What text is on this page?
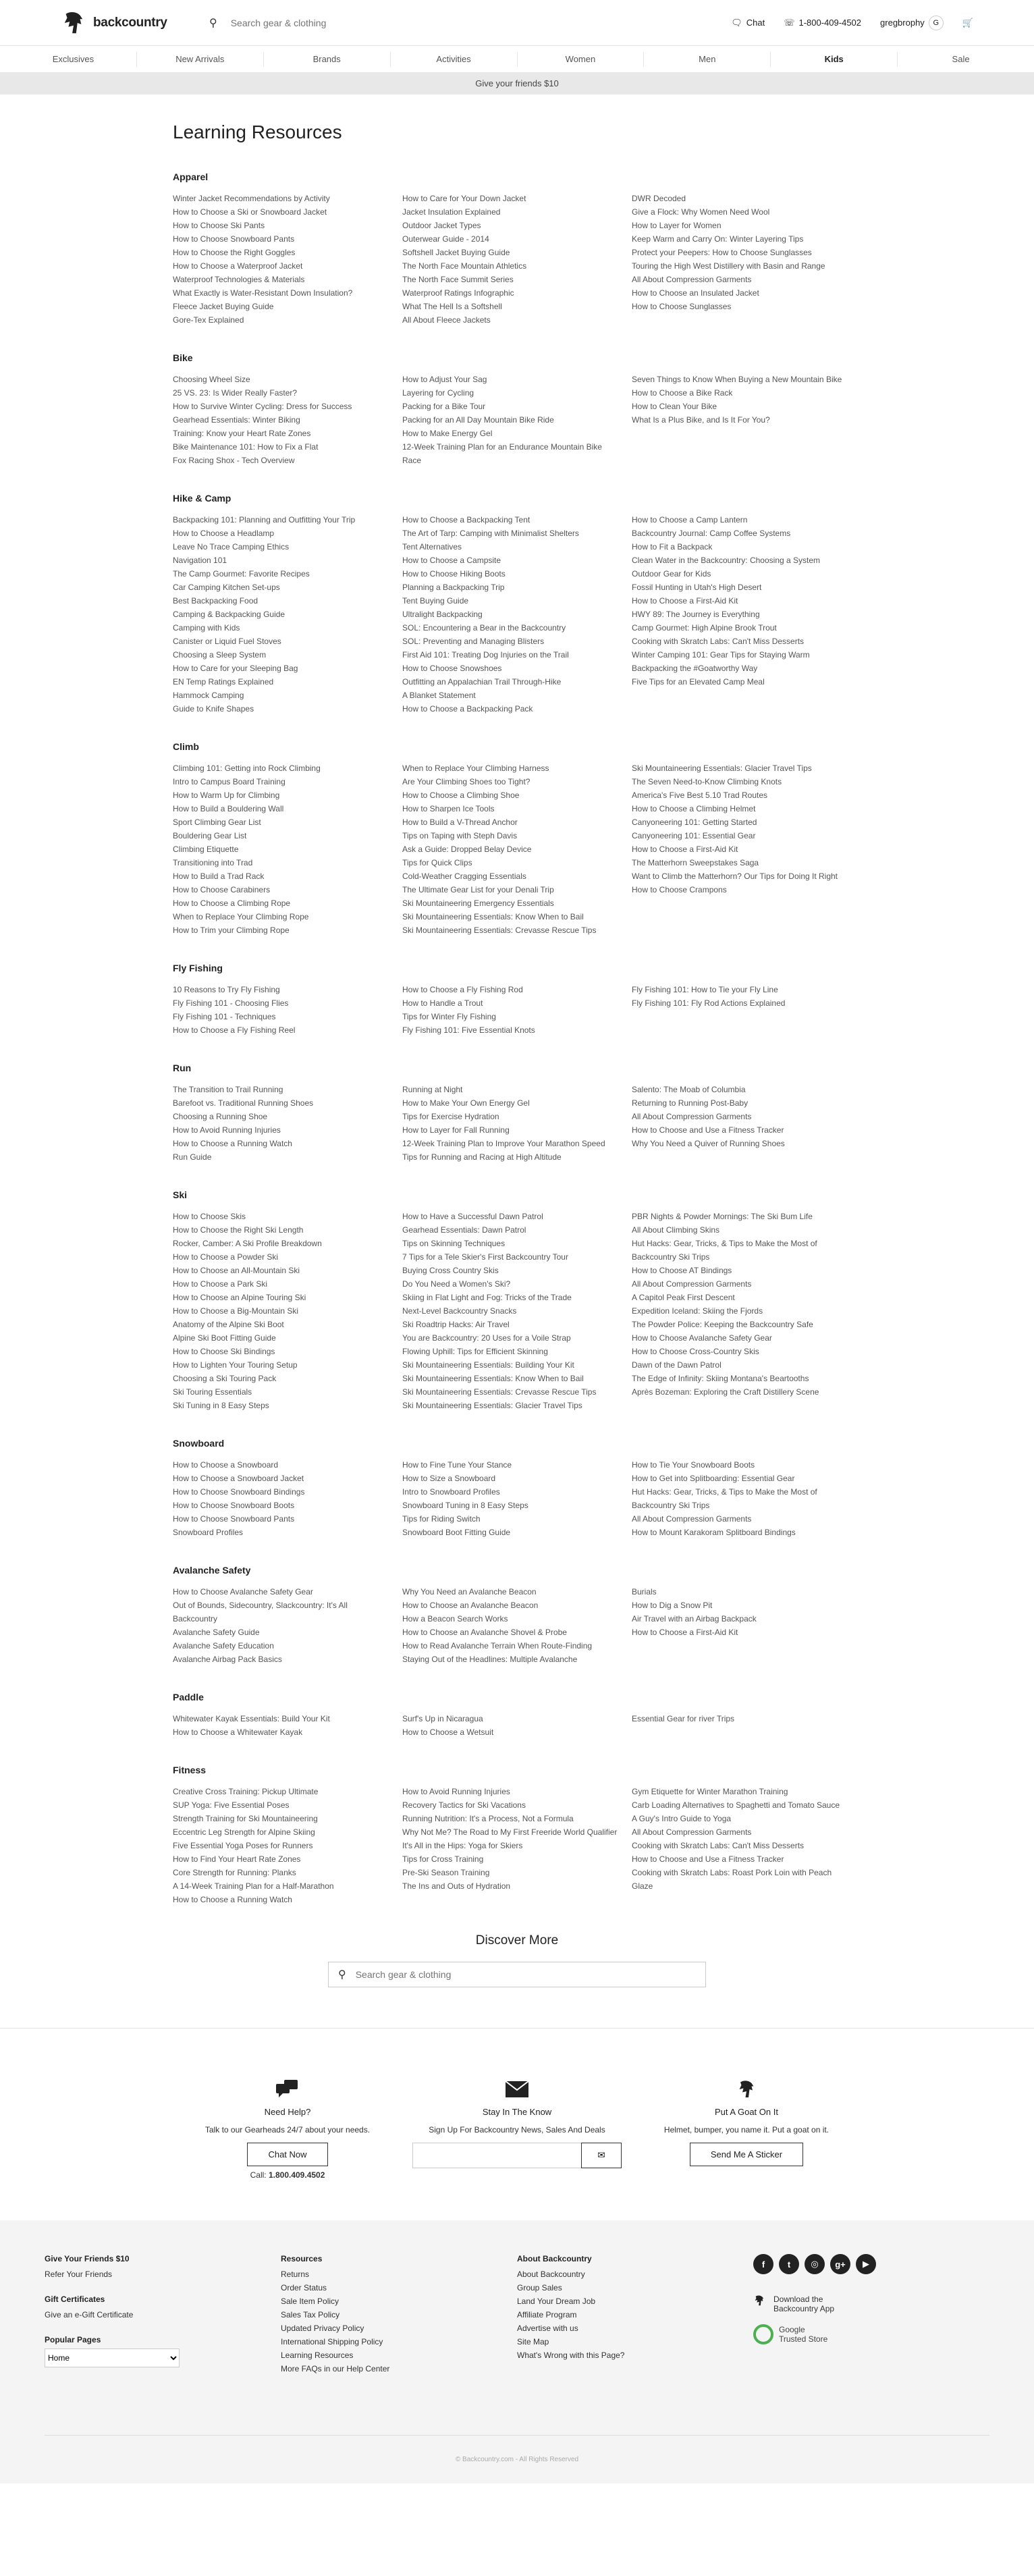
backcountry	⚲
Search gear & clothing	🗨 Chat ☏ 1-800-409-4502 gregbrophy	G	🛒
Exclusives	New Arrivals	Brands	Activities	Women	Men	Kids	Sale
Give your friends $10
Learning Resources
Apparel
Winter Jacket Recommendations by Activity
How to Choose a Ski or Snowboard Jacket
How to Choose Ski Pants
How to Choose Snowboard Pants
How to Choose the Right Goggles
How to Choose a Waterproof Jacket
Waterproof Technologies & Materials
What Exactly is Water-Resistant Down Insulation?
Fleece Jacket Buying Guide
Gore-Tex Explained
How to Care for Your Down Jacket
Jacket Insulation Explained
Outdoor Jacket Types
Outerwear Guide - 2014
Softshell Jacket Buying Guide
The North Face Mountain Athletics
The North Face Summit Series
Waterproof Ratings Infographic
What The Hell Is a Softshell
All About Fleece Jackets
DWR Decoded
Give a Flock: Why Women Need Wool
How to Layer for Women
Keep Warm and Carry On: Winter Layering Tips
Protect your Peepers: How to Choose Sunglasses
Touring the High West Distillery with Basin and Range
All About Compression Garments
How to Choose an Insulated Jacket
How to Choose Sunglasses
Bike
Choosing Wheel Size
25 VS. 23: Is Wider Really Faster?
How to Survive Winter Cycling: Dress for Success
Gearhead Essentials: Winter Biking
Training: Know your Heart Rate Zones
Bike Maintenance 101: How to Fix a Flat
Fox Racing Shox - Tech Overview
How to Adjust Your Sag
Layering for Cycling
Packing for a Bike Tour
Packing for an All Day Mountain Bike Ride
How to Make Energy Gel
12-Week Training Plan for an Endurance Mountain Bike Race
Seven Things to Know When Buying a New Mountain Bike
How to Choose a Bike Rack
How to Clean Your Bike
What Is a Plus Bike, and Is It For You?
Hike & Camp
Backpacking 101: Planning and Outfitting Your Trip
How to Choose a Headlamp
Leave No Trace Camping Ethics
Navigation 101
The Camp Gourmet: Favorite Recipes
Car Camping Kitchen Set-ups
Best Backpacking Food
Camping & Backpacking Guide
Camping with Kids
Canister or Liquid Fuel Stoves
Choosing a Sleep System
How to Care for your Sleeping Bag
EN Temp Ratings Explained
Hammock Camping
Guide to Knife Shapes
How to Choose a Backpacking Tent
The Art of Tarp: Camping with Minimalist Shelters
Tent Alternatives
How to Choose a Campsite
How to Choose Hiking Boots
Planning a Backpacking Trip
Tent Buying Guide
Ultralight Backpacking
SOL: Encountering a Bear in the Backcountry
SOL: Preventing and Managing Blisters
First Aid 101: Treating Dog Injuries on the Trail
How to Choose Snowshoes
Outfitting an Appalachian Trail Through-Hike
A Blanket Statement
How to Choose a Backpacking Pack
How to Choose a Camp Lantern
Backcountry Journal: Camp Coffee Systems
How to Fit a Backpack
Clean Water in the Backcountry: Choosing a System
Outdoor Gear for Kids
Fossil Hunting in Utah's High Desert
How to Choose a First-Aid Kit
HWY 89: The Journey is Everything
Camp Gourmet: High Alpine Brook Trout
Cooking with Skratch Labs: Can't Miss Desserts
Winter Camping 101: Gear Tips for Staying Warm
Backpacking the #Goatworthy Way
Five Tips for an Elevated Camp Meal
Climb
Climbing 101: Getting into Rock Climbing
Intro to Campus Board Training
How to Warm Up for Climbing
How to Build a Bouldering Wall
Sport Climbing Gear List
Bouldering Gear List
Climbing Etiquette
Transitioning into Trad
How to Build a Trad Rack
How to Choose Carabiners
How to Choose a Climbing Rope
When to Replace Your Climbing Rope
How to Trim your Climbing Rope
When to Replace Your Climbing Harness
Are Your Climbing Shoes too Tight?
How to Choose a Climbing Shoe
How to Sharpen Ice Tools
How to Build a V-Thread Anchor
Tips on Taping with Steph Davis
Ask a Guide: Dropped Belay Device
Tips for Quick Clips
Cold-Weather Cragging Essentials
The Ultimate Gear List for your Denali Trip
Ski Mountaineering Emergency Essentials
Ski Mountaineering Essentials: Know When to Bail
Ski Mountaineering Essentials: Crevasse Rescue Tips
Ski Mountaineering Essentials: Glacier Travel Tips
The Seven Need-to-Know Climbing Knots
America's Five Best 5.10 Trad Routes
How to Choose a Climbing Helmet
Canyoneering 101: Getting Started
Canyoneering 101: Essential Gear
How to Choose a First-Aid Kit
The Matterhorn Sweepstakes Saga
Want to Climb the Matterhorn? Our Tips for Doing It Right
How to Choose Crampons
Fly Fishing
10 Reasons to Try Fly Fishing
Fly Fishing 101 - Choosing Flies
Fly Fishing 101 - Techniques
How to Choose a Fly Fishing Reel
How to Choose a Fly Fishing Rod
How to Handle a Trout
Tips for Winter Fly Fishing
Fly Fishing 101: Five Essential Knots
Fly Fishing 101: How to Tie your Fly Line
Fly Fishing 101: Fly Rod Actions Explained
Run
The Transition to Trail Running
Barefoot vs. Traditional Running Shoes
Choosing a Running Shoe
How to Avoid Running Injuries
How to Choose a Running Watch
Run Guide
Running at Night
How to Make Your Own Energy Gel
Tips for Exercise Hydration
How to Layer for Fall Running
12-Week Training Plan to Improve Your Marathon Speed
Tips for Running and Racing at High Altitude
Salento: The Moab of Columbia
Returning to Running Post-Baby
All About Compression Garments
How to Choose and Use a Fitness Tracker
Why You Need a Quiver of Running Shoes
Ski
How to Choose Skis
How to Choose the Right Ski Length
Rocker, Camber: A Ski Profile Breakdown
How to Choose a Powder Ski
How to Choose an All-Mountain Ski
How to Choose a Park Ski
How to Choose an Alpine Touring Ski
How to Choose a Big-Mountain Ski
Anatomy of the Alpine Ski Boot
Alpine Ski Boot Fitting Guide
How to Choose Ski Bindings
How to Lighten Your Touring Setup
Choosing a Ski Touring Pack
Ski Touring Essentials
Ski Tuning in 8 Easy Steps
How to Have a Successful Dawn Patrol
Gearhead Essentials: Dawn Patrol
Tips on Skinning Techniques
7 Tips for a Tele Skier's First Backcountry Tour
Buying Cross Country Skis
Do You Need a Women's Ski?
Skiing in Flat Light and Fog: Tricks of the Trade
Next-Level Backcountry Snacks
Ski Roadtrip Hacks: Air Travel
You are Backcountry: 20 Uses for a Voile Strap
Flowing Uphill: Tips for Efficient Skinning
Ski Mountaineering Essentials: Building Your Kit
Ski Mountaineering Essentials: Know When to Bail
Ski Mountaineering Essentials: Crevasse Rescue Tips
Ski Mountaineering Essentials: Glacier Travel Tips
PBR Nights & Powder Mornings: The Ski Bum Life
All About Climbing Skins
Hut Hacks: Gear, Tricks, & Tips to Make the Most of Backcountry Ski Trips
How to Choose AT Bindings
All About Compression Garments
A Capitol Peak First Descent
Expedition Iceland: Skiing the Fjords
The Powder Police: Keeping the Backcountry Safe
How to Choose Avalanche Safety Gear
How to Choose Cross-Country Skis
Dawn of the Dawn Patrol
The Edge of Infinity: Skiing Montana's Beartooths
Après Bozeman: Exploring the Craft Distillery Scene
Snowboard
How to Choose a Snowboard
How to Choose a Snowboard Jacket
How to Choose Snowboard Bindings
How to Choose Snowboard Boots
How to Choose Snowboard Pants
Snowboard Profiles
How to Fine Tune Your Stance
How to Size a Snowboard
Intro to Snowboard Profiles
Snowboard Tuning in 8 Easy Steps
Tips for Riding Switch
Snowboard Boot Fitting Guide
How to Tie Your Snowboard Boots
How to Get into Splitboarding: Essential Gear
Hut Hacks: Gear, Tricks, & Tips to Make the Most of Backcountry Ski Trips
All About Compression Garments
How to Mount Karakoram Splitboard Bindings
Avalanche Safety
How to Choose Avalanche Safety Gear
Out of Bounds, Sidecountry, Slackcountry: It's All Backcountry
Avalanche Safety Guide
Avalanche Safety Education
Avalanche Airbag Pack Basics
Why You Need an Avalanche Beacon
How to Choose an Avalanche Beacon
How a Beacon Search Works
How to Choose an Avalanche Shovel & Probe
How to Read Avalanche Terrain When Route-Finding
Staying Out of the Headlines: Multiple Avalanche
Burials
How to Dig a Snow Pit
Air Travel with an Airbag Backpack
How to Choose a First-Aid Kit
Paddle
Whitewater Kayak Essentials: Build Your Kit
How to Choose a Whitewater Kayak
Surf's Up in Nicaragua
How to Choose a Wetsuit
Essential Gear for river Trips
Fitness
Creative Cross Training: Pickup Ultimate
SUP Yoga: Five Essential Poses
Strength Training for Ski Mountaineering
Eccentric Leg Strength for Alpine Skiing
Five Essential Yoga Poses for Runners
How to Find Your Heart Rate Zones
Core Strength for Running: Planks
A 14-Week Training Plan for a Half-Marathon
How to Choose a Running Watch
How to Avoid Running Injuries
Recovery Tactics for Ski Vacations
Running Nutrition: It's a Process, Not a Formula
Why Not Me? The Road to My First Freeride World Qualifier
It's All in the Hips: Yoga for Skiers
Tips for Cross Training
Pre-Ski Season Training
The Ins and Outs of Hydration
Gym Etiquette for Winter Marathon Training
Carb Loading Alternatives to Spaghetti and Tomato Sauce
A Guy's Intro Guide to Yoga
All About Compression Garments
Cooking with Skratch Labs: Can't Miss Desserts
How to Choose and Use a Fitness Tracker
Cooking with Skratch Labs: Roast Pork Loin with Peach Glaze
Discover More
⚲
Search gear & clothing
Need Help?

Talk to our Gearheads 24/7 about your needs.

Chat Now
Call: 1.800.409.4502
Stay In The Know

Sign Up For Backcountry News, Sales And Deals

✉
Put A Goat On It

Helmet, bumper, you name it. Put a goat on it.

Send Me A Sticker
Give Your Friends $10
Refer Your Friends
Gift Certificates
Give an e-Gift Certificate
Popular Pages
Home
Resources
Returns
Order Status
Sale Item Policy
Sales Tax Policy
Updated Privacy Policy
International Shipping Policy
Learning Resources
More FAQs in our Help Center
About Backcountry
About Backcountry
Group Sales
Land Your Dream Job
Affiliate Program
Advertise with us
Site Map
What's Wrong with this Page?
f	t	◎	g+	▶
Download the Backcountry App
Google
Trusted Store
© Backcountry.com - All Rights Reserved
